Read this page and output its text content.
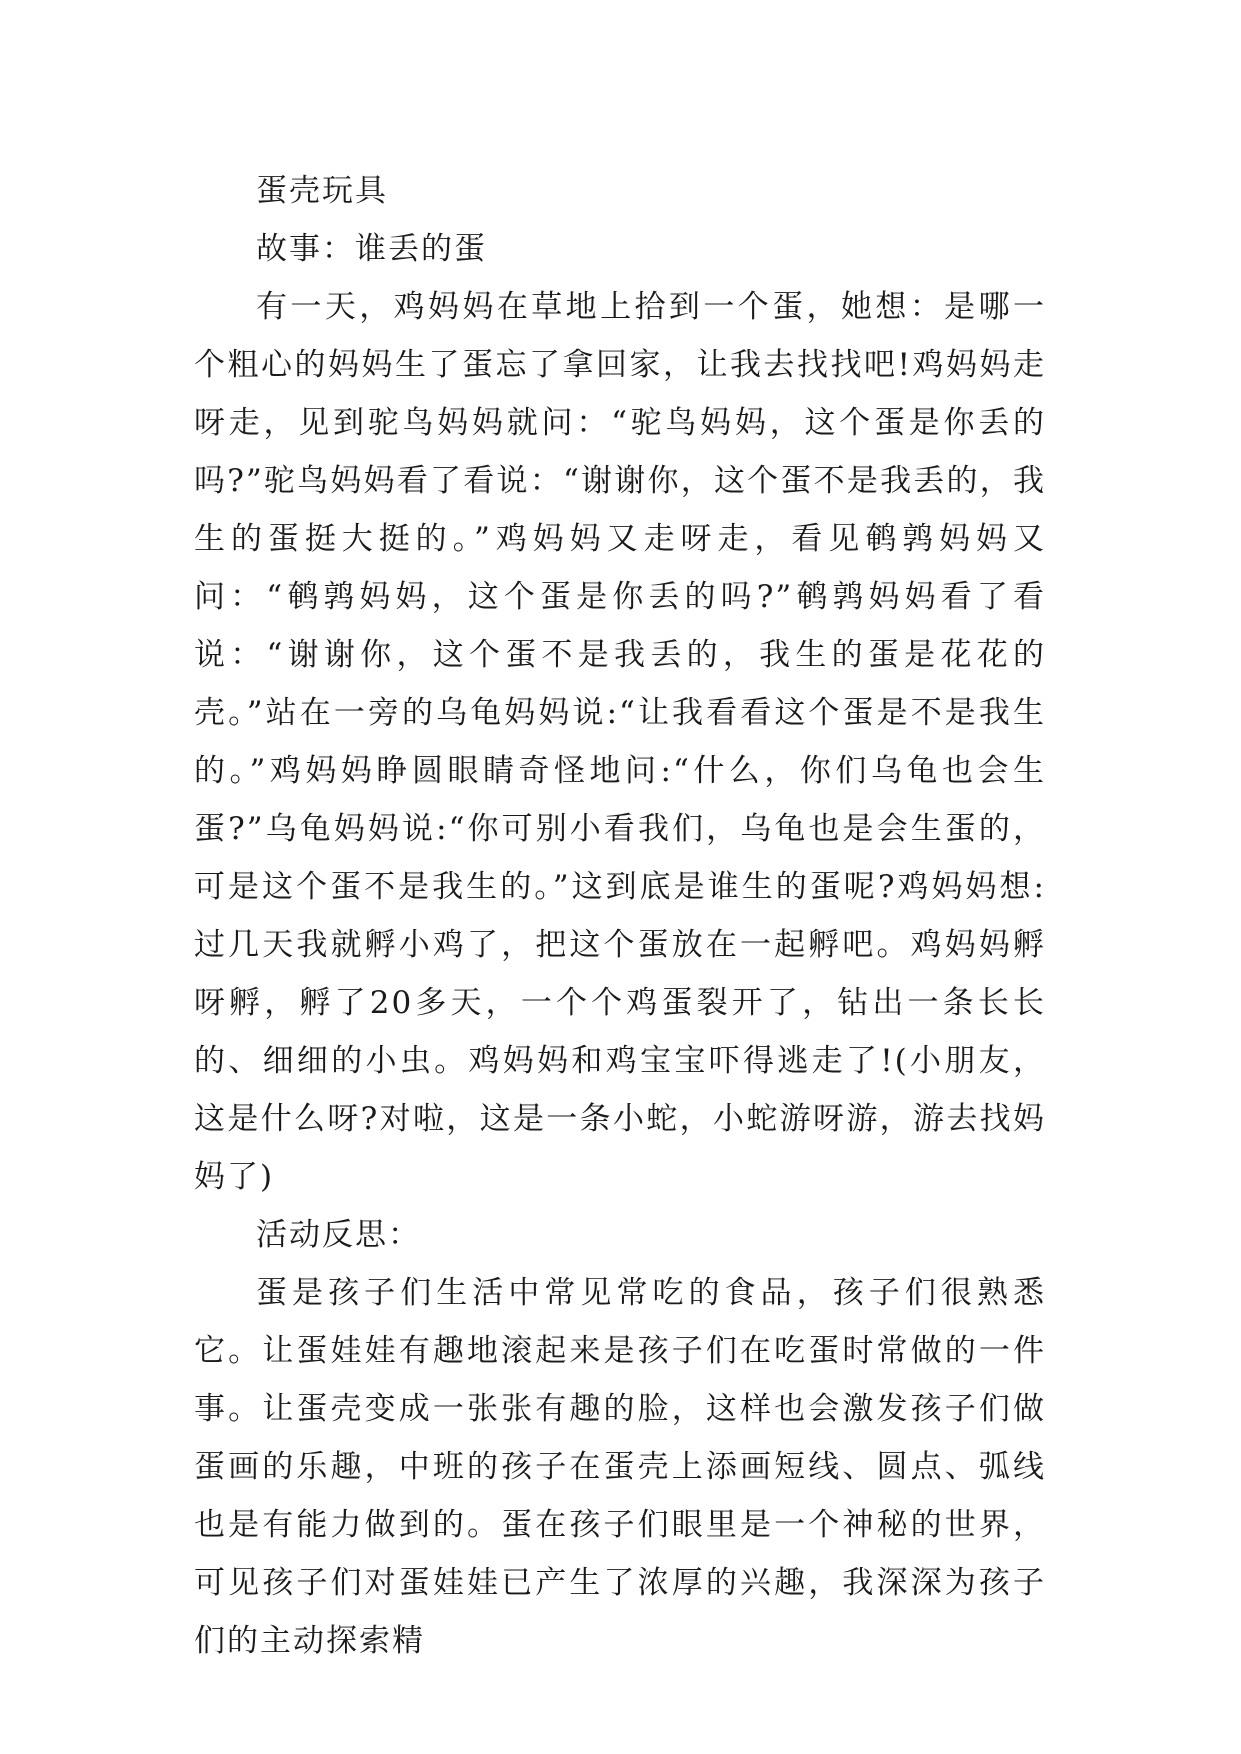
蛋壳玩具

故事：谁丢的蛋

有一天，鸡妈妈在草地上拾到一个蛋，她想：是哪一个粗心的妈妈生了蛋忘了拿回家，让我去找找吧!鸡妈妈走呀走，见到驼鸟妈妈就问：“驼鸟妈妈，这个蛋是你丢的吗?”驼鸟妈妈看了看说：“谢谢你，这个蛋不是我丢的，我生的蛋挺大挺的。”鸡妈妈又走呀走，看见鹌鹑妈妈又问：“鹌鹑妈妈，这个蛋是你丢的吗?”鹌鹑妈妈看了看说：“谢谢你，这个蛋不是我丢的，我生的蛋是花花的壳。”站在一旁的乌龟妈妈说:“让我看看这个蛋是不是我生的。”鸡妈妈睁圆眼睛奇怪地问:“什么，你们乌龟也会生蛋?”乌龟妈妈说:“你可别小看我们，乌龟也是会生蛋的，可是这个蛋不是我生的。”这到底是谁生的蛋呢?鸡妈妈想:过几天我就孵小鸡了，把这个蛋放在一起孵吧。鸡妈妈孵呀孵，孵了20多天，一个个鸡蛋裂开了，钻出一条长长的、细细的小虫。鸡妈妈和鸡宝宝吓得逃走了!(小朋友，这是什么呀?对啦，这是一条小蛇，小蛇游呀游，游去找妈妈了)

活动反思：

蛋是孩子们生活中常见常吃的食品，孩子们很熟悉它。让蛋娃娃有趣地滚起来是孩子们在吃蛋时常做的一件事。让蛋壳变成一张张有趣的脸，这样也会激发孩子们做蛋画的乐趣，中班的孩子在蛋壳上添画短线、圆点、弧线也是有能力做到的。蛋在孩子们眼里是一个神秘的世界，可见孩子们对蛋娃娃已产生了浓厚的兴趣，我深深为孩子们的主动探索精
